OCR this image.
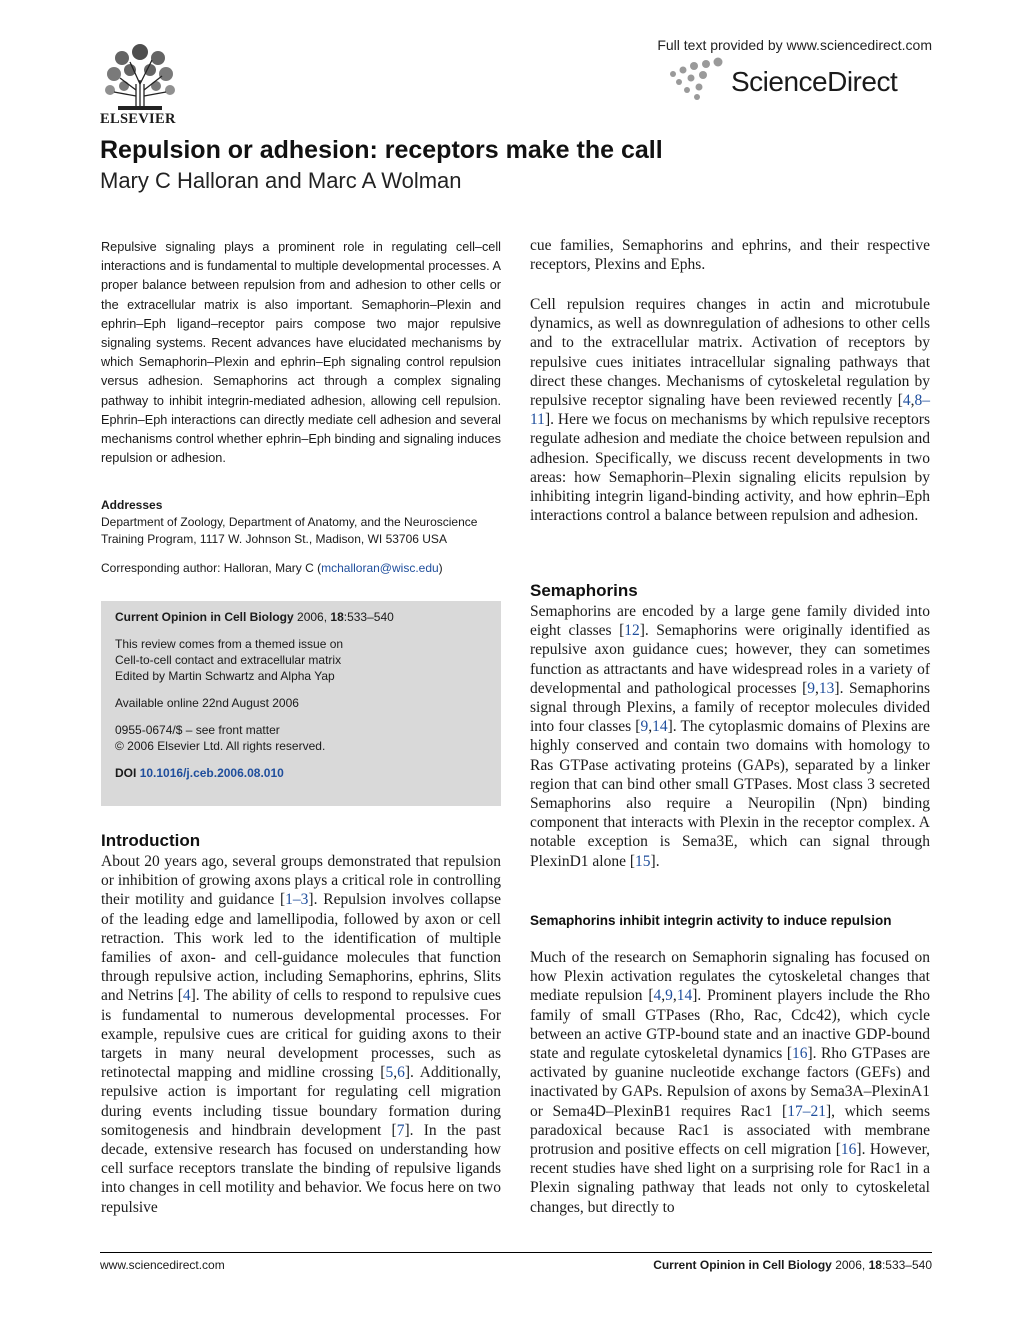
ELSEVIER
Full text provided by www.sciencedirect.com
ScienceDirect
Repulsion or adhesion: receptors make the call
Mary C Halloran and Marc A Wolman
Repulsive signaling plays a prominent role in regulating cell–cell interactions and is fundamental to multiple developmental processes. A proper balance between repulsion from and adhesion to other cells or the extracellular matrix is also important. Semaphorin–Plexin and ephrin–Eph ligand–receptor pairs compose two major repulsive signaling systems. Recent advances have elucidated mechanisms by which Semaphorin–Plexin and ephrin–Eph signaling control repulsion versus adhesion. Semaphorins act through a complex signaling pathway to inhibit integrin-mediated adhesion, allowing cell repulsion. Ephrin–Eph interactions can directly mediate cell adhesion and several mechanisms control whether ephrin–Eph binding and signaling induces repulsion or adhesion.
Addresses
Department of Zoology, Department of Anatomy, and the Neuroscience
Training Program, 1117 W. Johnson St., Madison, WI 53706 USA
Corresponding author: Halloran, Mary C (mchalloran@wisc.edu)
Current Opinion in Cell Biology 2006, 18:533–540
This review comes from a themed issue on
Cell-to-cell contact and extracellular matrix
Edited by Martin Schwartz and Alpha Yap
Available online 22nd August 2006
0955-0674/$ – see front matter
© 2006 Elsevier Ltd. All rights reserved.
DOI 10.1016/j.ceb.2006.08.010
Introduction

About 20 years ago, several groups demonstrated that repulsion or inhibition of growing axons plays a critical role in controlling their motility and guidance [1–3]. Repulsion involves collapse of the leading edge and lamellipodia, followed by axon or cell retraction. This work led to the identification of multiple families of axon- and cell-guidance molecules that function through repulsive action, including Semaphorins, ephrins, Slits and Netrins [4]. The ability of cells to respond to repulsive cues is fundamental to numerous developmental processes. For example, repulsive cues are critical for guiding axons to their targets in many neural development processes, such as retinotectal mapping and midline crossing [5,6]. Additionally, repulsive action is important for regulating cell migration during events including tissue boundary formation during somitogenesis and hindbrain development [7]. In the past decade, extensive research has focused on understanding how cell surface receptors translate the binding of repulsive ligands into changes in cell motility and behavior. We focus here on two repulsive

cue families, Semaphorins and ephrins, and their respective receptors, Plexins and Ephs.

Cell repulsion requires changes in actin and microtubule dynamics, as well as downregulation of adhesions to other cells and to the extracellular matrix. Activation of receptors by repulsive cues initiates intracellular signaling pathways that direct these changes. Mechanisms of cytoskeletal regulation by repulsive receptor signaling have been reviewed recently [4,8–11]. Here we focus on mechanisms by which repulsive receptors regulate adhesion and mediate the choice between repulsion and adhesion. Specifically, we discuss recent developments in two areas: how Semaphorin–Plexin signaling elicits repulsion by inhibiting integrin ligand-binding activity, and how ephrin–Eph interactions control a balance between repulsion and adhesion.

Semaphorins

Semaphorins are encoded by a large gene family divided into eight classes [12]. Semaphorins were originally identified as repulsive axon guidance cues; however, they can sometimes function as attractants and have widespread roles in a variety of developmental and pathological processes [9,13]. Semaphorins signal through Plexins, a family of receptor molecules divided into four classes [9,14]. The cytoplasmic domains of Plexins are highly conserved and contain two domains with homology to Ras GTPase activating proteins (GAPs), separated by a linker region that can bind other small GTPases. Most class 3 secreted Semaphorins also require a Neuropilin (Npn) binding component that interacts with Plexin in the receptor complex. A notable exception is Sema3E, which can signal through PlexinD1 alone [15].

Semaphorins inhibit integrin activity to induce repulsion

Much of the research on Semaphorin signaling has focused on how Plexin activation regulates the cytoskeletal changes that mediate repulsion [4,9,14]. Prominent players include the Rho family of small GTPases (Rho, Rac, Cdc42), which cycle between an active GTP-bound state and an inactive GDP-bound state and regulate cytoskeletal dynamics [16]. Rho GTPases are activated by guanine nucleotide exchange factors (GEFs) and inactivated by GAPs. Repulsion of axons by Sema3A–PlexinA1 or Sema4D–PlexinB1 requires Rac1 [17–21], which seems paradoxical because Rac1 is associated with membrane protrusion and positive effects on cell migration [16]. However, recent studies have shed light on a surprising role for Rac1 in a Plexin signaling pathway that leads not only to cytoskeletal changes, but directly to

www.sciencedirect.com	Current Opinion in Cell Biology 2006, 18:533–540
